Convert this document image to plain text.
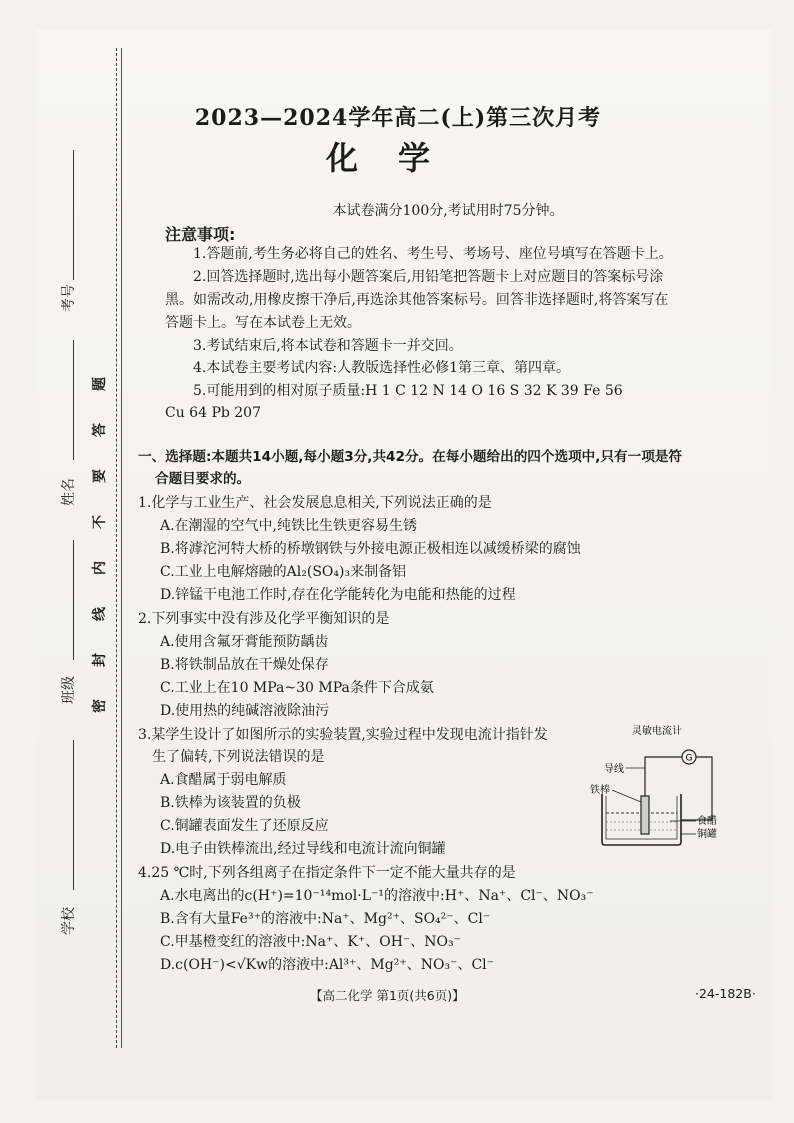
考号
姓名
班级
学校
题
答
要
不
内
线
封
密
2023—2024学年高二(上)第三次月考
化学
本试卷满分100分,考试用时75分钟。
注意事项:
1.答题前,考生务必将自己的姓名、考生号、考场号、座位号填写在答题卡上。
2.回答选择题时,选出每小题答案后,用铅笔把答题卡上对应题目的答案标号涂
黑。如需改动,用橡皮擦干净后,再选涂其他答案标号。回答非选择题时,将答案写在
答题卡上。写在本试卷上无效。
3.考试结束后,将本试卷和答题卡一并交回。
4.本试卷主要考试内容:人教版选择性必修1第三章、第四章。
5.可能用到的相对原子质量:H 1 C 12 N 14 O 16 S 32 K 39 Fe 56
Cu 64 Pb 207
一、选择题:本题共14小题,每小题3分,共42分。在每小题给出的四个选项中,只有一项是符
合题目要求的。
1.化学与工业生产、社会发展息息相关,下列说法正确的是
A.在潮湿的空气中,纯铁比生铁更容易生锈
B.将滹沱河特大桥的桥墩钢铁与外接电源正极相连以减缓桥梁的腐蚀
C.工业上电解熔融的Al₂(SO₄)₃来制备铝
D.锌锰干电池工作时,存在化学能转化为电能和热能的过程
2.下列事实中没有涉及化学平衡知识的是
A.使用含氟牙膏能预防龋齿
B.将铁制品放在干燥处保存
C.工业上在10 MPa~30 MPa条件下合成氨
D.使用热的纯碱溶液除油污
3.某学生设计了如图所示的实验装置,实验过程中发现电流计指针发
生了偏转,下列说法错误的是
A.食醋属于弱电解质
B.铁棒为该装置的负极
C.铜罐表面发生了还原反应
D.电子由铁棒流出,经过导线和电流计流向铜罐
4.25 ℃时,下列各组离子在指定条件下一定不能大量共存的是
A.水电离出的c(H⁺)=10⁻¹⁴mol·L⁻¹的溶液中:H⁺、Na⁺、Cl⁻、NO₃⁻
B.含有大量Fe³⁺的溶液中:Na⁺、Mg²⁺、SO₄²⁻、Cl⁻
C.甲基橙变红的溶液中:Na⁺、K⁺、OH⁻、NO₃⁻
D.c(OH⁻)<√Kw的溶液中:Al³⁺、Mg²⁺、NO₃⁻、Cl⁻
灵敏电流计
G
导线
铁棒
食醋
铜罐
【高二化学 第1页(共6页)】	·24-182B·
